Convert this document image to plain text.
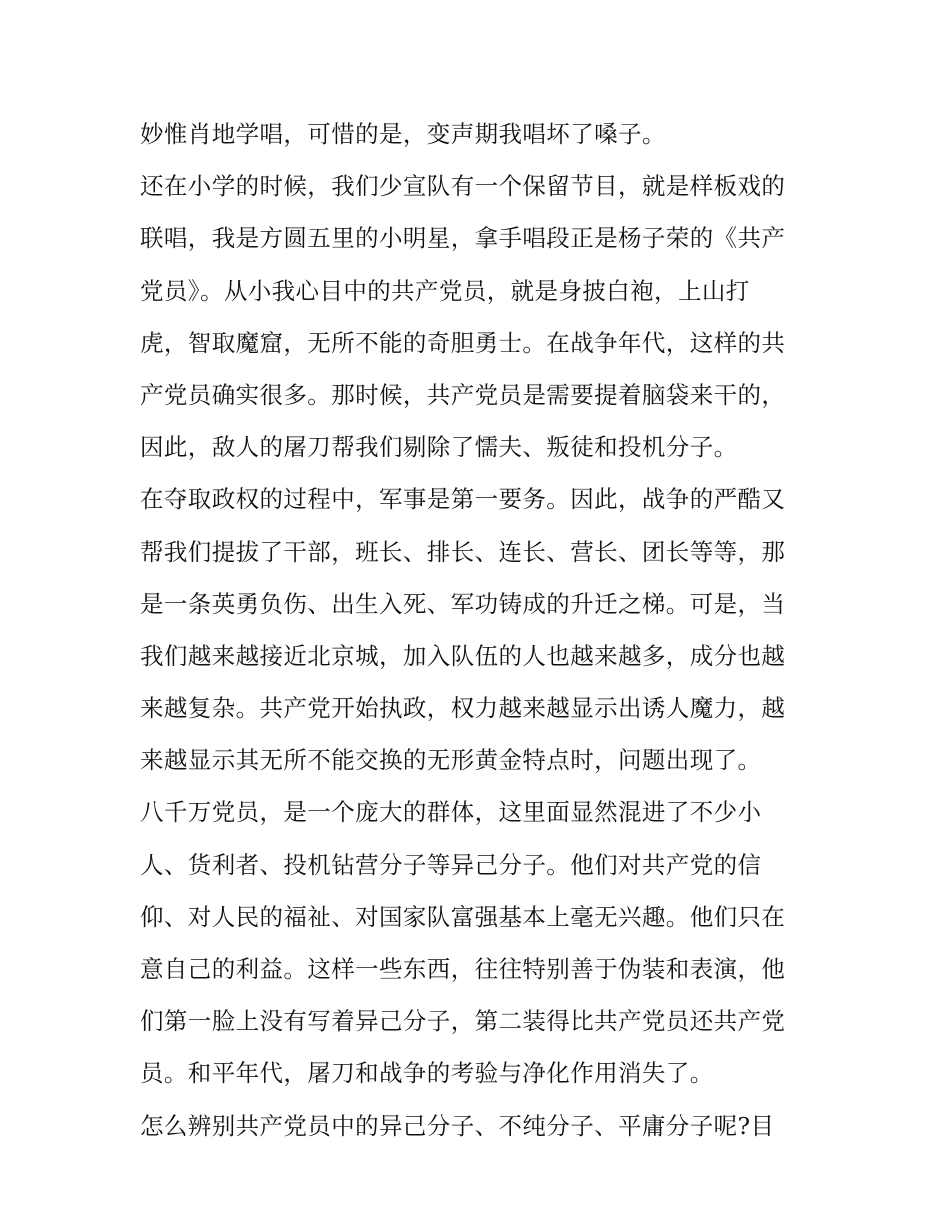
妙惟肖地学唱，可惜的是，变声期我唱坏了嗓子。
还在小学的时候，我们少宣队有一个保留节目，就是样板戏的
联唱，我是方圆五里的小明星，拿手唱段正是杨子荣的《共产
党员》。从小我心目中的共产党员，就是身披白袍，上山打
虎，智取魔窟，无所不能的奇胆勇士。在战争年代，这样的共
产党员确实很多。那时候，共产党员是需要提着脑袋来干的，
因此，敌人的屠刀帮我们剔除了懦夫、叛徒和投机分子。
在夺取政权的过程中，军事是第一要务。因此，战争的严酷又
帮我们提拔了干部，班长、排长、连长、营长、团长等等，那
是一条英勇负伤、出生入死、军功铸成的升迁之梯。可是，当
我们越来越接近北京城，加入队伍的人也越来越多，成分也越
来越复杂。共产党开始执政，权力越来越显示出诱人魔力，越
来越显示其无所不能交换的无形黄金特点时，问题出现了。
八千万党员，是一个庞大的群体，这里面显然混进了不少小
人、货利者、投机钻营分子等异己分子。他们对共产党的信
仰、对人民的福祉、对国家队富强基本上毫无兴趣。他们只在
意自己的利益。这样一些东西，往往特别善于伪装和表演，他
们第一脸上没有写着异己分子，第二装得比共产党员还共产党
员。和平年代，屠刀和战争的考验与净化作用消失了。
怎么辨别共产党员中的异己分子、不纯分子、平庸分子呢?目
